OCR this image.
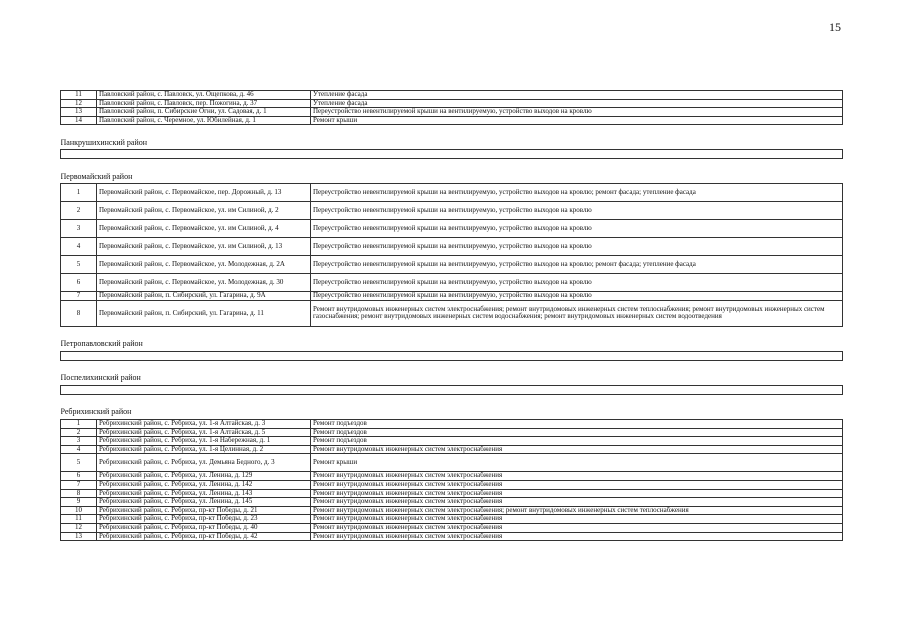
15
11	Павловский район, с. Павловск, ул. Ощепкова, д. 46	Утепление фасада
12	Павловский район, с. Павловск, пер. Пожогина, д. 37	Утепление фасада
13	Павловский район, п. Сибирские Огни, ул. Садовая, д. 1	Переустройство невентилируемой крыши на вентилируемую, устройство выходов на кровлю
14	Павловский район, с. Черемное, ул. Юбилейная, д. 1	Ремонт крыши
Панкрушихинский район		

Первомайский район		
1	Первомайский район, с. Первомайское, пер. Дорожный, д. 13	Переустройство невентилируемой крыши на вентилируемую, устройство выходов на кровлю; ремонт фасада; утепление фасада
2	Первомайский район, с. Первомайское, ул. им Силиной, д. 2	Переустройство невентилируемой крыши на вентилируемую, устройство выходов на кровлю
3	Первомайский район, с. Первомайское, ул. им Силиной, д. 4	Переустройство невентилируемой крыши на вентилируемую, устройство выходов на кровлю
4	Первомайский район, с. Первомайское, ул. им Силиной, д. 13	Переустройство невентилируемой крыши на вентилируемую, устройство выходов на кровлю
5	Первомайский район, с. Первомайское, ул. Молодежная, д. 2А	Переустройство невентилируемой крыши на вентилируемую, устройство выходов на кровлю; ремонт фасада; утепление фасада
6	Первомайский район, с. Первомайское, ул. Молодежная, д. 30	Переустройство невентилируемой крыши на вентилируемую, устройство выходов на кровлю
7	Первомайский район, п. Сибирский, ул. Гагарина, д. 9А	Переустройство невентилируемой крыши на вентилируемую, устройство выходов на кровлю
8	Первомайский район, п. Сибирский, ул. Гагарина, д. 11	Ремонт внутридомовых инженерных систем электроснабжения; ремонт внутридомовых инженерных систем теплоснабжения; ремонт внутридомовых инженерных систем газоснабжения; ремонт внутридомовых инженерных систем водоснабжения; ремонт внутридомовых инженерных систем водоотведения
Петропавловский район		

Поспелихинский район		

Ребрихинский район		
1	Ребрихинский район, с. Ребриха, ул. 1-я Алтайская, д. 3	Ремонт подъездов
2	Ребрихинский район, с. Ребриха, ул. 1-я Алтайская, д. 5	Ремонт подъездов
3	Ребрихинский район, с. Ребриха, ул. 1-я Набережная, д. 1	Ремонт подъездов
4	Ребрихинский район, с. Ребриха, ул. 1-я Целинная, д. 2	Ремонт внутридомовых инженерных систем электроснабжения
5	Ребрихинский район, с. Ребриха, ул. Демьяна Бедного, д. 3	Ремонт крыши
6	Ребрихинский район, с. Ребриха, ул. Ленина, д. 129	Ремонт внутридомовых инженерных систем электроснабжения
7	Ребрихинский район, с. Ребриха, ул. Ленина, д. 142	Ремонт внутридомовых инженерных систем электроснабжения
8	Ребрихинский район, с. Ребриха, ул. Ленина, д. 143	Ремонт внутридомовых инженерных систем электроснабжения
9	Ребрихинский район, с. Ребриха, ул. Ленина, д. 145	Ремонт внутридомовых инженерных систем электроснабжения
10	Ребрихинский район, с. Ребриха, пр-кт Победы, д. 21	Ремонт внутридомовых инженерных систем электроснабжения; ремонт внутридомовых инженерных систем теплоснабжения
11	Ребрихинский район, с. Ребриха, пр-кт Победы, д. 23	Ремонт внутридомовых инженерных систем электроснабжения
12	Ребрихинский район, с. Ребриха, пр-кт Победы, д. 40	Ремонт внутридомовых инженерных систем электроснабжения
13	Ребрихинский район, с. Ребриха, пр-кт Победы, д. 42	Ремонт внутридомовых инженерных систем электроснабжения
